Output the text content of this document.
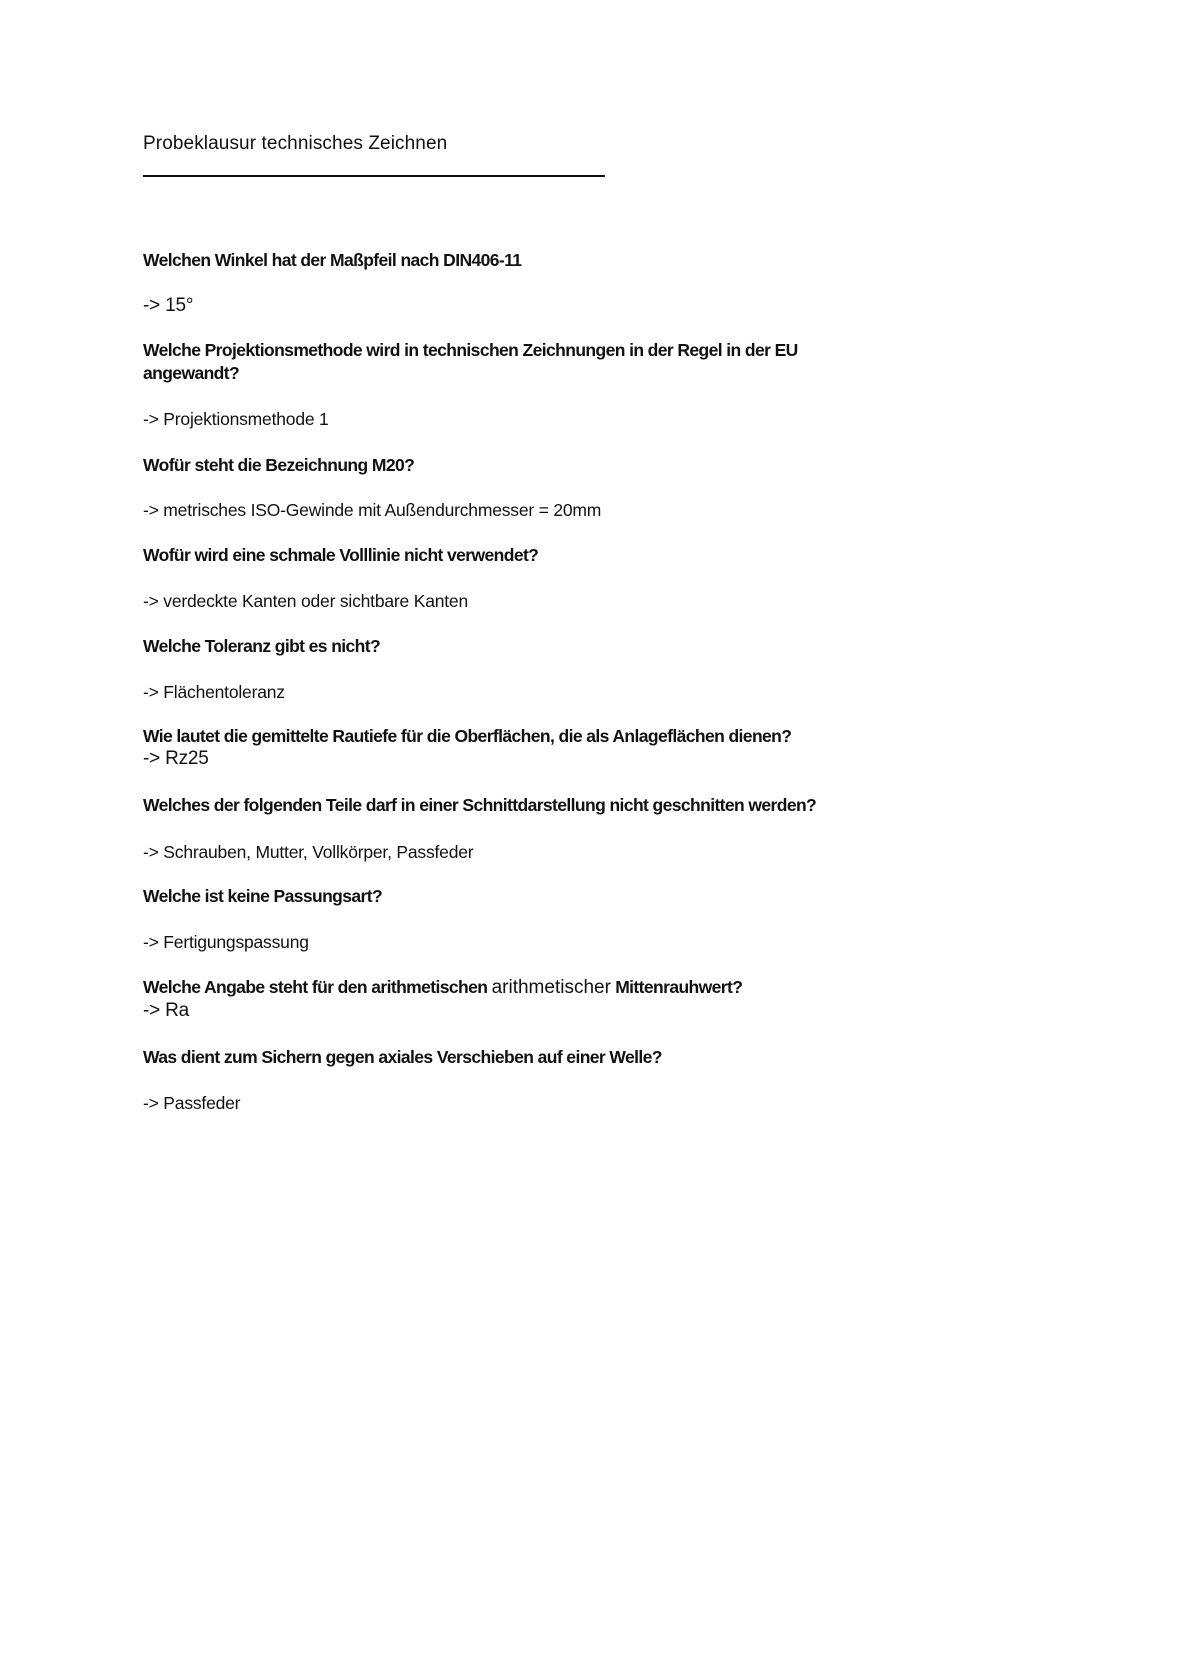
Probeklausur technisches Zeichnen
Welchen Winkel hat der Maßpfeil nach DIN406-11
-> 15°
Welche Projektionsmethode wird in technischen Zeichnungen in der Regel in der EU
angewandt?
-> Projektionsmethode 1
Wofür steht die Bezeichnung M20?
-> metrisches ISO-Gewinde mit Außendurchmesser = 20mm
Wofür wird eine schmale Volllinie nicht verwendet?
-> verdeckte Kanten oder sichtbare Kanten
Welche Toleranz gibt es nicht?
-> Flächentoleranz
Wie lautet die gemittelte Rautiefe für die Oberflächen, die als Anlageflächen dienen?
-> Rz25
Welches der folgenden Teile darf in einer Schnittdarstellung nicht geschnitten werden?
-> Schrauben, Mutter, Vollkörper, Passfeder
Welche ist keine Passungsart?
-> Fertigungspassung
Welche Angabe steht für den arithmetischen arithmetischer Mittenrauhwert?
-> Ra
Was dient zum Sichern gegen axiales Verschieben auf einer Welle?
-> Passfeder
